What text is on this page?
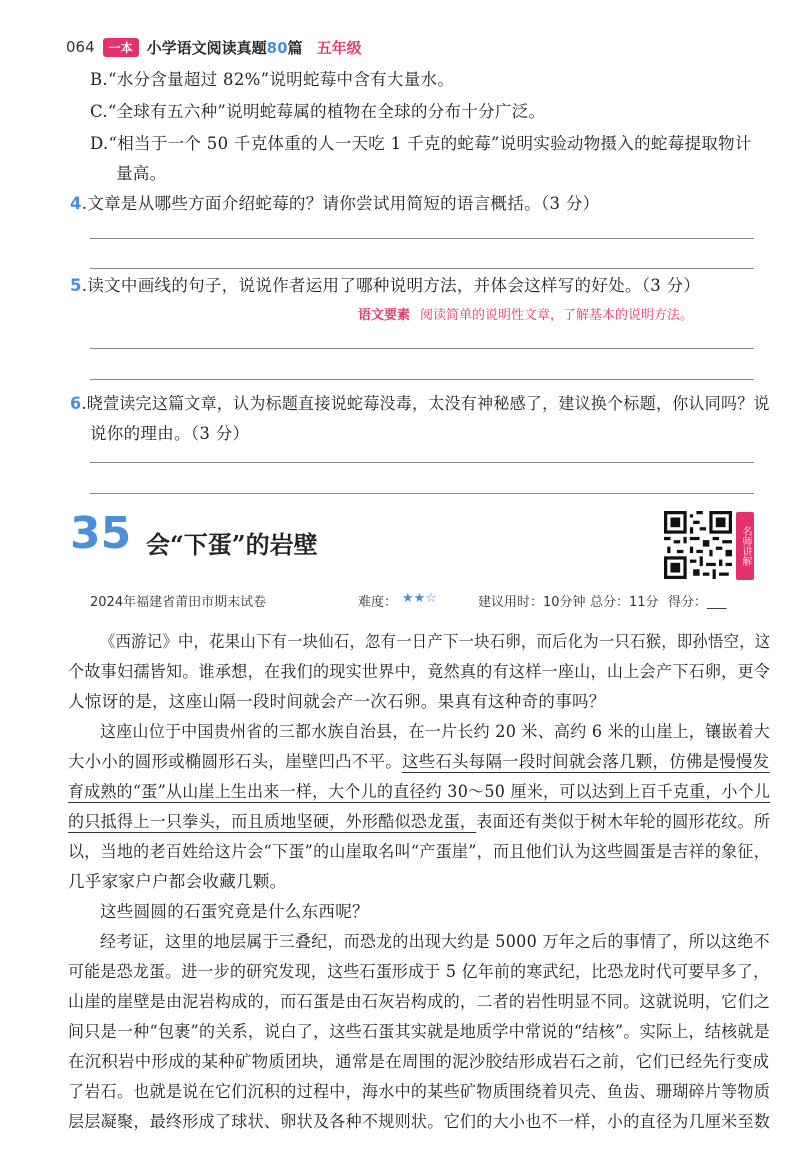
064	一本 小学语文阅读真题80篇 五年级
B.“水分含量超过 82%”说明蛇莓中含有大量水。
C.“全球有五六种”说明蛇莓属的植物在全球的分布十分广泛。
D.“相当于一个 50 千克体重的人一天吃 1 千克的蛇莓”说明实验动物摄入的蛇莓提取物计
量高。
4.文章是从哪些方面介绍蛇莓的？请你尝试用简短的语言概括。（3 分）
5.读文中画线的句子，说说作者运用了哪种说明方法，并体会这样写的好处。（3 分）
语文要素 阅读简单的说明性文章，了解基本的说明方法。
6.晓萱读完这篇文章，认为标题直接说蛇莓没毒，太没有神秘感了，建议换个标题，你认同吗？说
说你的理由。（3 分）
35 会“下蛋”的岩壁	名师讲解
2024年福建省莆田市期末试卷	难度： ★★☆	建议用时：10分钟 总分：11分 得分：___
《西游记》中，花果山下有一块仙石，忽有一日产下一块石卵，而后化为一只石猴，即孙悟空，这
个故事妇孺皆知。谁承想，在我们的现实世界中，竟然真的有这样一座山，山上会产下石卵，更令
人惊讶的是，这座山隔一段时间就会产一次石卵。果真有这种奇的事吗？
这座山位于中国贵州省的三都水族自治县，在一片长约 20 米、高约 6 米的山崖上，镶嵌着大
大小小的圆形或椭圆形石头，崖壁凹凸不平。这些石头每隔一段时间就会落几颗，仿佛是慢慢发
育成熟的“蛋”从山崖上生出来一样，大个儿的直径约 30～50 厘米，可以达到上百千克重，小个儿
的只抵得上一只拳头，而且质地坚硬，外形酷似恐龙蛋，表面还有类似于树木年轮的圆形花纹。所
以，当地的老百姓给这片会“下蛋”的山崖取名叫“产蛋崖”，而且他们认为这些圆蛋是吉祥的象征，
几乎家家户户都会收藏几颗。
这些圆圆的石蛋究竟是什么东西呢？
经考证，这里的地层属于三叠纪，而恐龙的出现大约是 5000 万年之后的事情了，所以这绝不
可能是恐龙蛋。进一步的研究发现，这些石蛋形成于 5 亿年前的寒武纪，比恐龙时代可要早多了，
山崖的崖壁是由泥岩构成的，而石蛋是由石灰岩构成的，二者的岩性明显不同。这就说明，它们之
间只是一种“包裹”的关系，说白了，这些石蛋其实就是地质学中常说的“结核”。实际上，结核就是
在沉积岩中形成的某种矿物质团块，通常是在周围的泥沙胶结形成岩石之前，它们已经先行变成
了岩石。也就是说在它们沉积的过程中，海水中的某些矿物质围绕着贝壳、鱼齿、珊瑚碎片等物质
层层凝聚，最终形成了球状、卵状及各种不规则状。它们的大小也不一样，小的直径为几厘米至数
